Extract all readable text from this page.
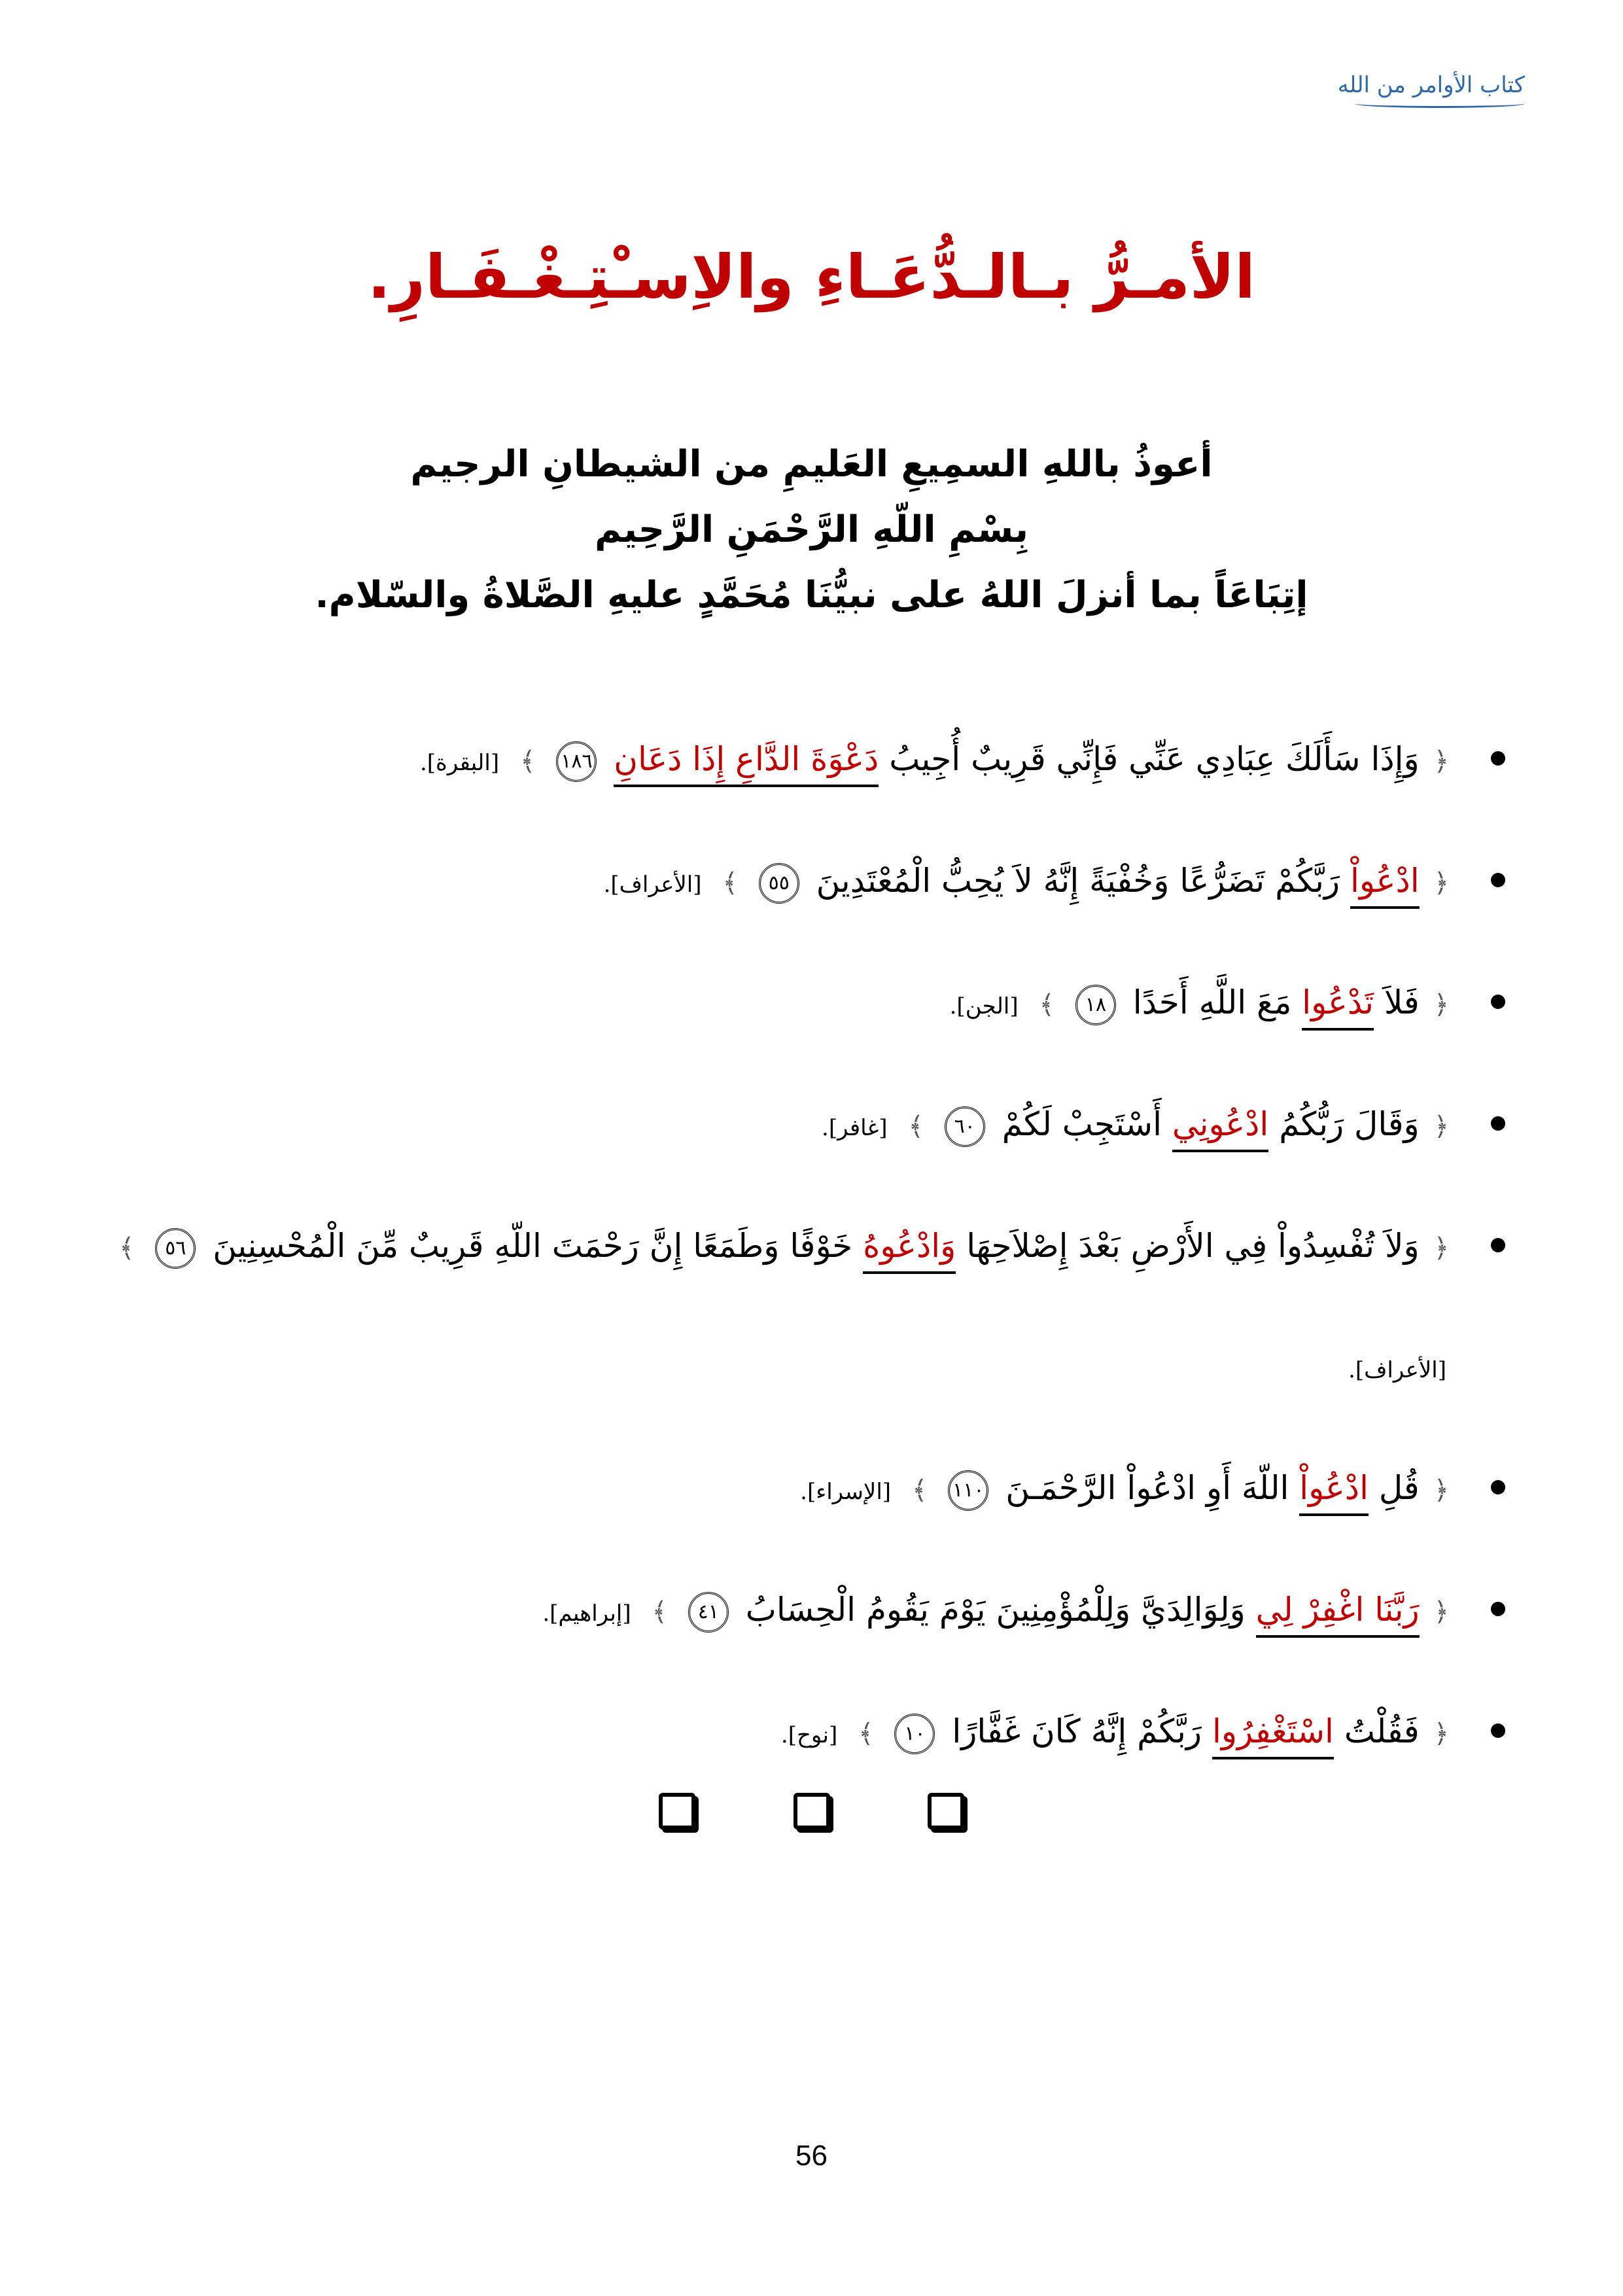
كتاب الأوامر من الله
الأمـرُّ بـالـدُّعَـاءِ والاِسـْتِـغْـفَـارِ.
أعوذُ باللهِ السمِيعِ العَليمِ من الشيطانِ الرجيم
بِسْمِ اللّهِ الرَّحْمَنِ الرَّحِيم
إتِبَاعَاً بما أنزلَ اللهُ على نبيُّنَا مُحَمَّدٍ عليهِ الصَّلاةُ والسّلام.
﴿ وَإِذَا سَأَلَكَ عِبَادِي عَنِّي فَإِنِّي قَرِيبٌ أُجِيبُ دَعْوَةَ الدَّاعِ إِذَا دَعَانِ ١٨٦ ﴾ [البقرة].
﴿ ادْعُواْ رَبَّكُمْ تَضَرُّعًا وَخُفْيَةً إِنَّهُ لاَ يُحِبُّ الْمُعْتَدِينَ ٥٥ ﴾ [الأعراف].
﴿ فَلاَ تَدْعُوا مَعَ اللَّهِ أَحَدًا ١٨ ﴾ [الجن].
﴿ وَقَالَ رَبُّكُمُ ادْعُونِي أَسْتَجِبْ لَكُمْ ٦٠ ﴾ [غافر].
﴿ وَلاَ تُفْسِدُواْ فِي الأَرْضِ بَعْدَ إِصْلاَحِهَا وَادْعُوهُ خَوْفًا وَطَمَعًا إِنَّ رَحْمَتَ اللّهِ قَرِيبٌ مِّنَ الْمُحْسِنِينَ ٥٦ ﴾ [الأعراف].
﴿ قُلِ ادْعُواْ اللّهَ أَوِ ادْعُواْ الرَّحْمَـنَ ١١٠ ﴾ [الإسراء].
﴿ رَبَّنَا اغْفِرْ لِي وَلِوَالِدَيَّ وَلِلْمُؤْمِنِينَ يَوْمَ يَقُومُ الْحِسَابُ ٤١ ﴾ [إبراهيم].
﴿ فَقُلْتُ اسْتَغْفِرُوا رَبَّكُمْ إِنَّهُ كَانَ غَفَّارًا ١٠ ﴾ [نوح].

56
